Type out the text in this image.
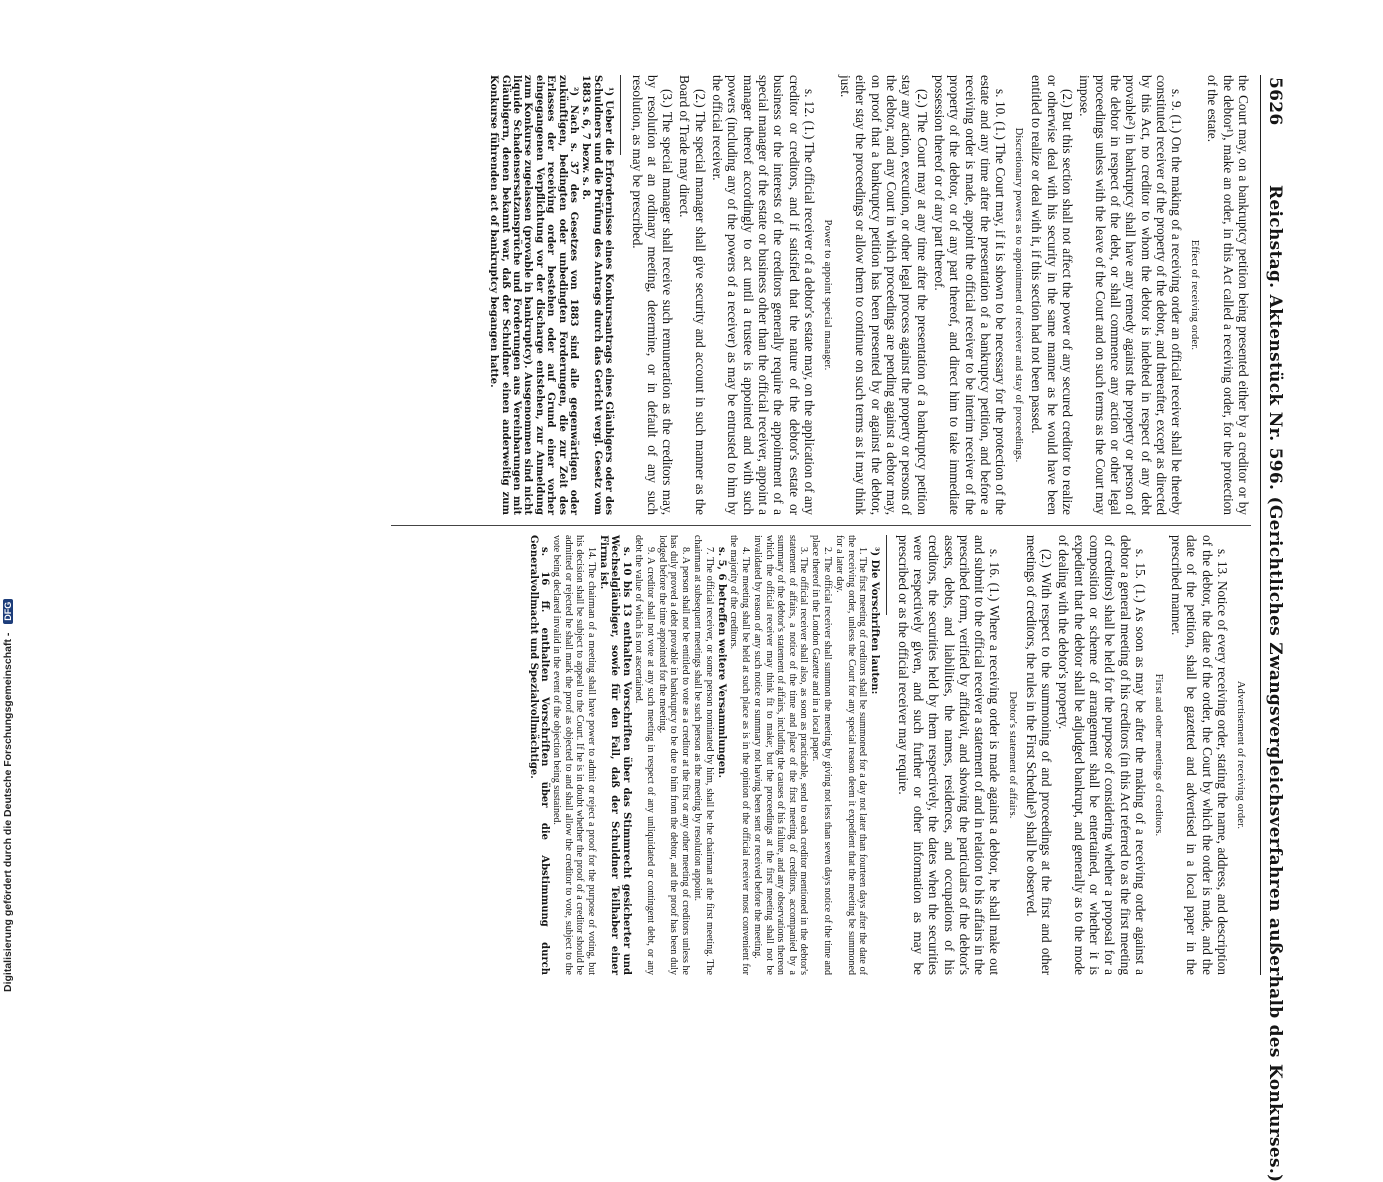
5626
Reichstag. Aktenstück Nr. 596. (Gerichtliches Zwangsvergleichsverfahren außerhalb des Konkurses.)

the Court may, on a bankruptcy petition being presented either by a creditor or by the debtor¹), make an order, in this Act called a receiving order, for the protection of the estate.

Effect of receiving order.

s. 9. (1.) On the making of a receiving order an official receiver shall be thereby constituted receiver of the property of the debtor, and thereafter, except as directed by this Act, no creditor to whom the debtor is indebted in respect of any debt provable²) in bankruptcy shall have any remedy against the property or person of the debtor in respect of the debt, or shall commence any action or other legal proceedings unless with the leave of the Court and on such terms as the Court may impose.

(2.) But this section shall not affect the power of any secured creditor to realize or otherwise deal with his security in the same manner as he would have been entitled to realize or deal with it, if this section had not been passed.

Discretionary powers as to appointment of receiver and stay of proceedings.

s. 10. (1.) The Court may, if it is shown to be necessary for the protection of the estate and any time after the presentation of a bankruptcy petition, and before a receiving order is made, appoint the official receiver to be interim receiver of the property of the debtor, or of any part thereof, and direct him to take immediate possession thereof or of any part thereof.

(2.) The Court may at any time after the presentation of a bankruptcy petition stay any action, execution, or other legal process against the property or persons of the debtor, and any Court in which proceedings are pending against a debtor may, on proof that a bankruptcy petition has been presented by or against the debtor, either stay the proceedings or allow them to continue on such terms as it may think just.

Power to appoint special manager.

s. 12. (1.) The official receiver of a debtor's estate may, on the application of any creditor or creditors, and if satisfied that the nature of the debtor's estate or business or the interests of the creditors generally require the appointment of a special manager of the estate or business other than the official receiver, appoint a manager thereof accordingly to act until a trustee is appointed and with such powers (including any of the powers of a receiver) as may be entrusted to him by the official receiver.

(2.) The special manager shall give security and account in such manner as the Board of Trade may direct.

(3.) The special manager shall receive such remuneration as the creditors may, by resolution at an ordinary meeting, determine, or in default of any such resolution, as may be prescribed.

¹) Ueber die Erfordernisse eines Konkursantrags eines Gläubigers oder des Schuldners und die Prüfung des Antrags durch das Gericht vergl. Gesetz vom 1883 s. 6, 7 bezw. s. 8.

²) Nach s. 37 des Gesetzes von 1883 sind alle gegenwärtigen oder zukünftigen, bedingten oder unbedingten Forderungen, die zur Zeit des Erlasses der receiving order bestehen oder auf Grund einer vorher eingegangenen Verpflichtung vor der discharge entstehen, zur Anmeldung zum Konkurse zugelassen (provable in bankruptcy). Ausgenommen sind nicht liquide Schadensersatzansprüche und Forderungen aus Vereinbarungen mit Gläubigern, denen bekannt war, daß der Schuldner einen anderweitig zum Konkurse führenden act of bankruptcy begangen hatte.

Advertisement of receiving order.

s. 13. Notice of every receiving order, stating the name, address, and description of the debtor, the date of the order, the Court by which the order is made, and the date of the petition, shall be gazetted and advertised in a local paper in the prescribed manner.

First and other meetings of creditors.

s. 15. (1.) As soon as may be after the making of a receiving order against a debtor a general meeting of his creditors (in this Act referred to as the first meeting of creditors) shall be held for the purpose of considering whether a proposal for a composition or scheme of arrangement shall be entertained, or whether it is expedient that the debtor shall be adjudged bankrupt, and generally as to the mode of dealing with the debtor's property.

(2.) With respect to the summoning of and proceedings at the first and other meetings of creditors, the rules in the First Schedule³) shall be observed.

Debtor's statement of affairs.

s. 16. (1.) Where a receiving order is made against a debtor, he shall make out and submit to the official receiver a statement of and in relation to his affairs in the prescribed form, verified by affidavit, and showing the particulars of the debtor's assets, debts, and liabilities, the names, residences, and occupations of his creditors, the securities held by them respectively, the dates when the securities were respectively given, and such further or other information as may be prescribed or as the official receiver may require.

³) Die Vorschriften lauten:

1. The first meeting of creditors shall be summoned for a day not later than fourteen days after the date of the receiving order, unless the Court for any special reason deem it expedient that the meeting be summoned for a later day.

2. The official receiver shall summon the meeting by giving not less than seven days notice of the time and place thereof in the London Gazette and in a local paper.

3. The official receiver shall also, as soon as practicable, send to each creditor mentioned in the debtor's statement of affairs, a notice of the time and place of the first meeting of creditors, accompanied by a summary of the debtor's statement of affairs, including the causes of his failure, and any observations thereon which the official receiver may think fit to make; but the proceedings at the first meeting shall not be invalidated by reason of any such notice or summary not having been sent or received before the meeting.

4. The meeting shall be held at such place as is in the opinion of the official receiver most convenient for the majority of the creditors.

s. 5, 6 betreffen weitere Versammlungen.

7. The official receiver, or some person nominated by him, shall be the chairman at the first meeting. The chairman at subsequent meetings shall be such person as the meeting by resolution appoint.

8. A person shall not be entitled to vote as a creditor at the first or any other meeting of creditors unless he has duly proved a debt provable in bankruptcy to be due to him from the debtor, and the proof has been duly lodged before the time appointed for the meeting.

9. A creditor shall not vote at any such meeting in respect of any unliquidated or contingent debt, or any debt the value of which is not ascertained.

s. 10 bis 13 enthalten Vorschriften über das Stimmrecht gesicherter und Wechselgläubiger, sowie für den Fall, daß der Schuldner Teilhaber einer Firma ist.

14. The chairman of a meeting shall have power to admit or reject a proof for the purpose of voting, but his decision shall be subject to appeal to the Court. If he is in doubt whether the proof of a creditor should be admitted or rejected he shall mark the proof as objected to and shall allow the creditor to vote, subject to the vote being declared invalid in the event of the objection being sustained.

s. 16 ff. enthalten Vorschriften über die Abstimmung durch Generalvollmacht und Spezialvollmächtige.

Digitalisierung gefördert durch die Deutsche Forschungsgemeinschaft - DFG
